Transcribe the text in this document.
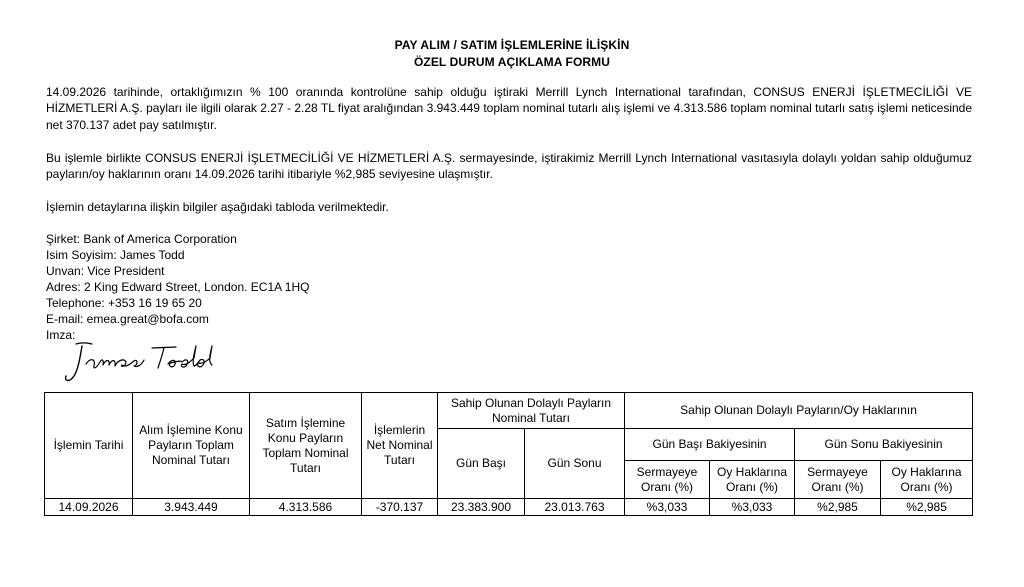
PAY ALIM / SATIM İŞLEMLERİNE İLİŞKİN
ÖZEL DURUM AÇIKLAMA FORMU
14.09.2026 tarihinde, ortaklığımızın % 100 oranında kontrolüne sahip olduğu iştiraki Merrill Lynch International tarafından, CONSUS ENERJİ İŞLETMECİLİĞİ VE HİZMETLERİ A.Ş. payları ile ilgili olarak 2.27 - 2.28 TL fiyat aralığından 3.943.449 toplam nominal tutarlı alış işlemi ve 4.313.586 toplam nominal tutarlı satış işlemi neticesinde net 370.137 adet pay satılmıştır.
Bu işlemle birlikte CONSUS ENERJİ İŞLETMECİLİĞİ VE HİZMETLERİ A.Ş. sermayesinde, iştirakimiz Merrill Lynch International vasıtasıyla dolaylı yoldan sahip olduğumuz payların/oy haklarının oranı 14.09.2026 tarihi itibariyle %2,985 seviyesine ulaşmıştır.
İşlemin detaylarına ilişkin bilgiler aşağıdaki tabloda verilmektedir.
Şirket: Bank of America Corporation
Isim Soyisim: James Todd
Unvan: Vice President
Adres: 2 King Edward Street, London. EC1A 1HQ
Telephone: +353 16 19 65 20
E-mail: emea.great@bofa.com
Imza:
İşlemin Tarihi	Alım İşlemine Konu Payların Toplam Nominal Tutarı	Satım İşlemine Konu Payların Toplam Nominal Tutarı	İşlemlerin Net Nominal Tutarı	Sahip Olunan Dolaylı Payların Nominal Tutarı		Sahip Olunan Dolaylı Payların/Oy Haklarının			
				Gün Başı	Gün Sonu	Gün Başı Bakiyesinin		Gün Sonu Bakiyesinin	
						Sermayeye Oranı (%)	Oy Haklarına Oranı (%)	Sermayeye Oranı (%)	Oy Haklarına Oranı (%)
14.09.2026	3.943.449	4.313.586	-370.137	23.383.900	23.013.763	%3,033	%3,033	%2,985	%2,985
